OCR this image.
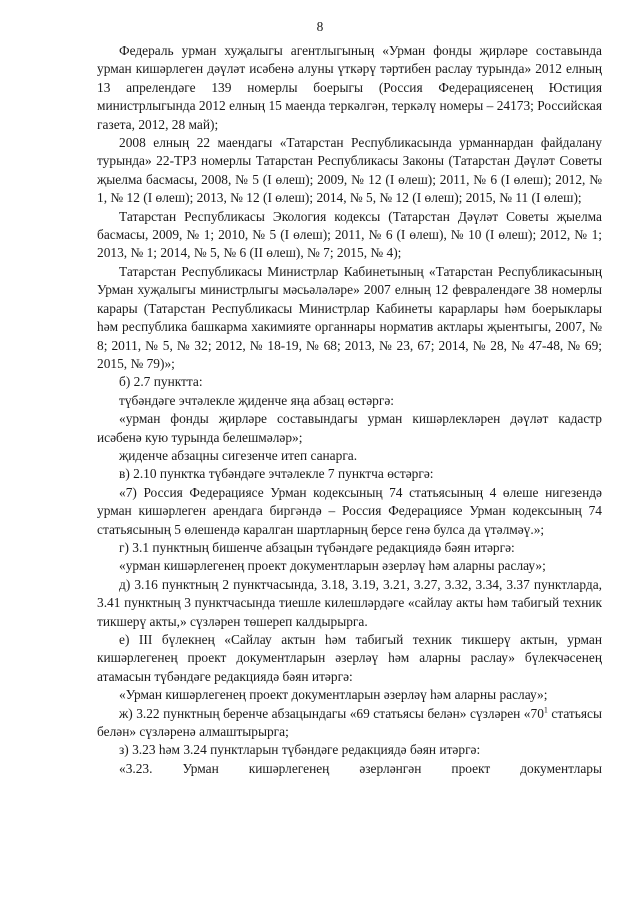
8

Федераль урман хуҗалыгы агентлыгының «Урман фонды җирләре составында урман кишәрлеген дәүләт исәбенә алуны үткәрү тәртибен раслау турында» 2012 елның 13 апрелендәге 139 номерлы боерыгы (Россия Федерациясенең Юстиция министрлыгында 2012 елның 15 маенда теркәлгән, теркәлү номеры – 24173; Российская газета, 2012, 28 май);

2008 елның 22 маендагы «Татарстан Республикасында урманнардан файдалану турында» 22-ТРЗ номерлы Татарстан Республикасы Законы (Татарстан Дәүләт Советы җыелма басмасы, 2008, № 5 (I өлеш); 2009, № 12 (I өлеш); 2011, № 6 (I өлеш); 2012, № 1, № 12 (I өлеш); 2013, № 12 (I өлеш); 2014, № 5, № 12 (I өлеш); 2015, № 11 (I өлеш);

Татарстан Республикасы Экология кодексы (Татарстан Дәүләт Советы җыелма басмасы, 2009, № 1; 2010, № 5 (I өлеш); 2011, № 6 (I өлеш), № 10 (I өлеш); 2012, № 1; 2013, № 1; 2014, № 5, № 6 (II өлеш), № 7; 2015, № 4);

Татарстан Республикасы Министрлар Кабинетының «Татарстан Республикасының Урман хуҗалыгы министрлыгы мәсьәләләре» 2007 елның 12 февралендәге 38 номерлы карары (Татарстан Республикасы Министрлар Кабинеты карарлары һәм боерыклары һәм республика башкарма хакимияте органнары норматив актлары җыентыгы, 2007, № 8; 2011, № 5, № 32; 2012, № 18-19, № 68; 2013, № 23, 67; 2014, № 28, № 47-48, № 69; 2015, № 79)»;

б) 2.7 пунктта:

түбәндәге эчтәлекле җиденче яңа абзац өстәргә:

«урман фонды җирләре составындагы урман кишәрлекләрен дәүләт кадастр исәбенә кую турында белешмәләр»;

җиденче абзацны сигезенче итеп санарга.

в) 2.10 пунктка түбәндәге эчтәлекле 7 пунктча өстәргә:

«7) Россия Федерациясе Урман кодексының 74 статьясының 4 өлеше нигезендә урман кишәрлеген арендага биргәндә – Россия Федерациясе Урман кодексының 74 статьясының 5 өлешендә каралган шартларның берсе генә булса да үтәлмәү.»;

г) 3.1 пунктның бишенче абзацын түбәндәге редакциядә бәян итәргә:

«урман кишәрлегенең проект документларын әзерләү һәм аларны раслау»;

д) 3.16 пунктның 2 пунктчасында, 3.18, 3.19, 3.21, 3.27, 3.32, 3.34, 3.37 пунктларда, 3.41 пунктның 3 пунктчасында тиешле килешләрдәге «сайлау акты һәм табигый техник тикшерү акты,» сүзләрен төшереп калдырырга.

е) III бүлекнең «Сайлау актын һәм табигый техник тикшерү актын, урман кишәрлегенең проект документларын әзерләү һәм аларны раслау» бүлекчәсенең атамасын түбәндәге редакциядә бәян итәргә:

«Урман кишәрлегенең проект документларын әзерләү һәм аларны раслау»;

ж) 3.22 пунктның беренче абзацындагы «69 статьясы белән» сүзләрен «$70^1$ статьясы белән» сүзләренә алмаштырырга;

з) 3.23 һәм 3.24 пунктларын түбәндәге редакциядә бәян итәргә:

«3.23. Урман кишәрлегенең әзерләнгән проект документлары
